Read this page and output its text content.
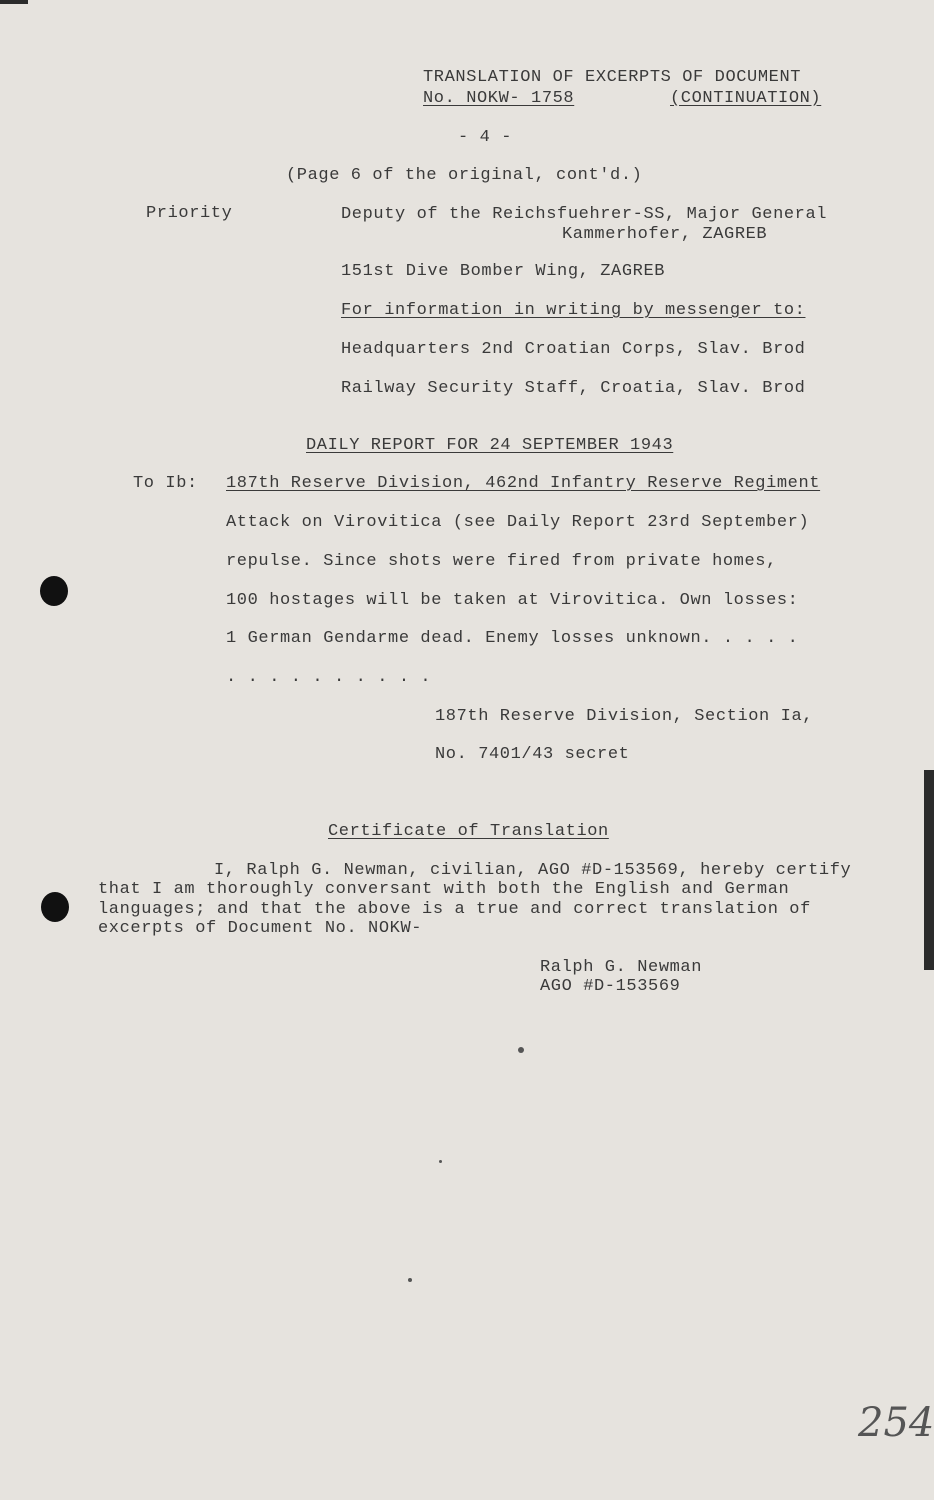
TRANSLATION OF EXCERPTS OF DOCUMENT
No. NOKW- 1758	(CONTINUATION)
- 4 -
(Page 6 of the original, cont'd.)
Priority	Deputy of the Reichsfuehrer-SS, Major General
Kammerhofer, ZAGREB
151st Dive Bomber Wing, ZAGREB
For information in writing by messenger to:
Headquarters 2nd Croatian Corps, Slav. Brod
Railway Security Staff, Croatia, Slav. Brod
DAILY REPORT FOR 24 SEPTEMBER 1943
To Ib: 187th Reserve Division, 462nd Infantry Reserve Regiment
Attack on Virovitica (see Daily Report 23rd September)
repulse. Since shots were fired from private homes,
100 hostages will be taken at Virovitica. Own losses:
1 German Gendarme dead. Enemy losses unknown. . . . .
. . . . . . . . . .
187th Reserve Division, Section Ia,
No. 7401/43 secret
Certificate of Translation
I, Ralph G. Newman, civilian, AGO #D-153569, hereby certify
that I am thoroughly conversant with both the English and German
languages; and that the above is a true and correct translation of
excerpts of Document No. NOKW-
Ralph G. Newman
AGO #D-153569
254
